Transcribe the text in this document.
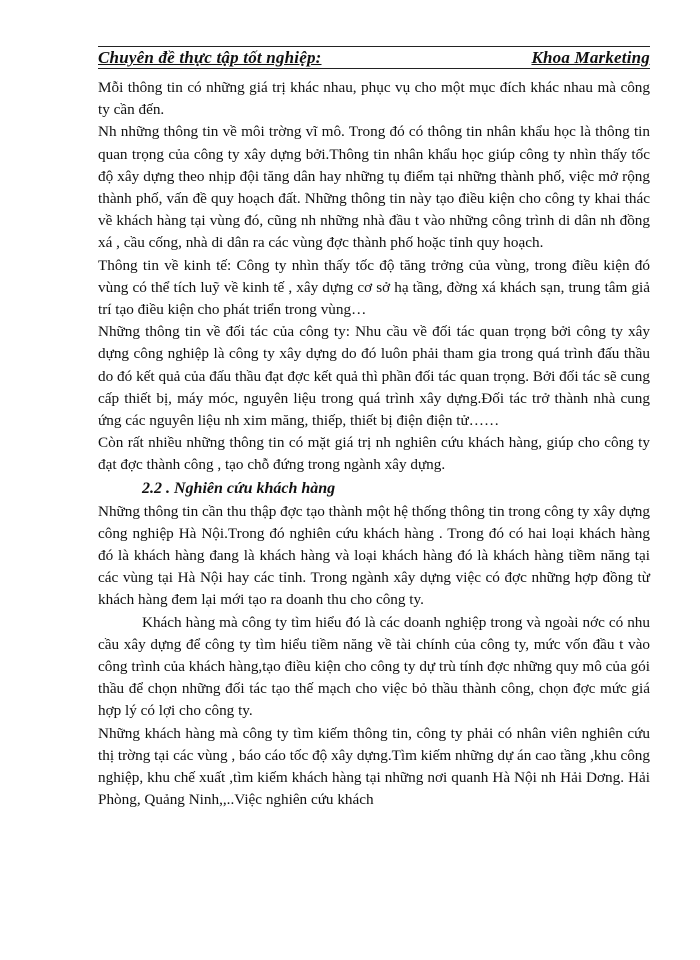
Chuyên đề thực tập tốt nghiệp:	Khoa Marketing

Mỗi thông tin có những giá trị khác nhau, phục vụ cho một mục đích khác nhau mà công ty cần đến.

Nh những thông tin về môi trờng vĩ mô. Trong đó có thông tin nhân khẩu học là thông tin quan trọng của công ty xây dựng bởi.Thông tin nhân khẩu học giúp công ty nhìn thấy tốc độ xây dựng theo nhịp đội tăng dân hay những tụ điểm tại những thành phố, việc mở rộng thành phố, vấn đề quy hoạch đất. Những thông tin này tạo điều kiện cho công ty khai thác về khách hàng tại vùng đó, cũng nh những nhà đầu t vào những công trình di dân nh đồng xá , cầu cống, nhà di dân ra các vùng đợc thành phố hoặc tỉnh quy hoạch.

Thông tin về kinh tế: Công ty nhìn thấy tốc độ tăng trởng của vùng, trong điều kiện đó vùng có thể tích luỹ về kinh tế , xây dựng cơ sở hạ tầng, đờng xá khách sạn, trung tâm giả trí tạo điều kiện cho phát triển trong vùng…

Những thông tin về đối tác của công ty: Nhu cầu về đối tác quan trọng bởi công ty xây dựng công nghiệp là công ty xây dựng do đó luôn phải tham gia trong quá trình đấu thầu do đó kết quả của đấu thầu đạt đợc kết quả thì phần đối tác quan trọng. Bởi đối tác sẽ cung cấp thiết bị, máy móc, nguyên liệu trong quá trình xây dựng.Đối tác trở thành nhà cung ứng các nguyên liệu nh xim măng, thiếp, thiết bị điện điện tử……

Còn rất nhiều những thông tin có mặt giá trị nh nghiên cứu khách hàng, giúp cho công ty đạt đợc thành công , tạo chỗ đứng trong ngành xây dựng.

2.2 . Nghiên cứu khách hàng

Những thông tin cần thu thập đợc tạo thành một hệ thống thông tin trong công ty xây dựng công nghiệp Hà Nội.Trong đó nghiên cứu khách hàng . Trong đó có hai loại khách hàng đó là khách hàng đang là khách hàng và loại khách hàng đó là khách hàng tiềm năng tại các vùng tại Hà Nội hay các tỉnh. Trong ngành xây dựng việc có đợc những hợp đồng từ khách hàng đem lại mới tạo ra doanh thu cho công ty.

Khách hàng mà công ty tìm hiểu đó là các doanh nghiệp trong và ngoài nớc có nhu cầu xây dựng để công ty tìm hiểu tiềm năng về tài chính của công ty, mức vốn đầu t vào công trình của khách hàng,tạo điều kiện cho công ty dự trù tính đợc những quy mô của gói thầu để chọn những đối tác tạo thế mạch cho việc bỏ thầu thành công, chọn đợc mức giá hợp lý có lợi cho công ty.

Những khách hàng mà công ty tìm kiếm thông tin, công ty phải có nhân viên nghiên cứu thị trờng tại các vùng , báo cáo tốc độ xây dựng.Tìm kiếm những dự án cao tầng ,khu công nghiệp, khu chế xuất ,tìm kiếm khách hàng tại những nơi quanh Hà Nội nh Hải Dơng. Hải Phòng, Quảng Ninh,,..Việc nghiên cứu khách
